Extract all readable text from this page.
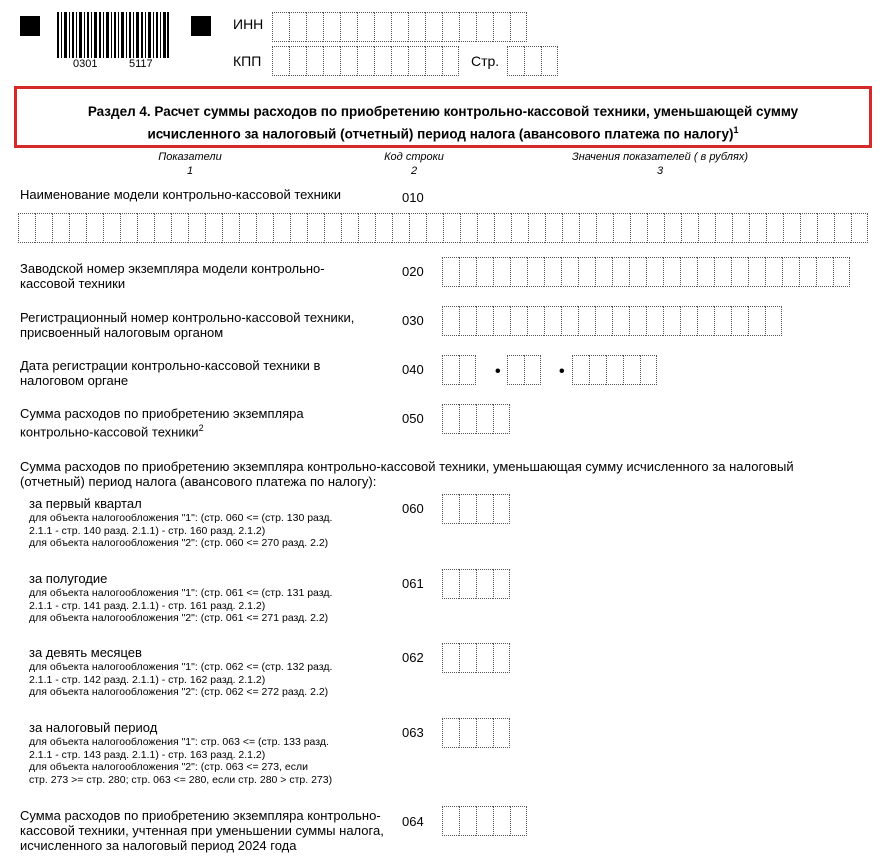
0301	5117
ИНН
КПП	Стр.
Раздел 4. Расчет суммы расходов по приобретению контрольно-кассовой техники, уменьшающей сумму
исчисленного за налоговый (отчетный) период налога (авансового платежа по налогу)$^1$
Показатели
1
Код строки
2
Значения показателей ( в рублях)
3
Наименование модели контрольно-кассовой техники	010
Заводской номер экземпляра модели контрольно-
кассовой техники
020
Регистрационный номер контрольно-кассовой техники,
присвоенный налоговым органом
030
Дата регистрации контрольно-кассовой техники в
налоговом органе
040	•	•
Сумма расходов по приобретению экземпляра
контрольно-кассовой техники$^2$
050
Сумма расходов по приобретению экземпляра контрольно-кассовой техники, уменьшающая сумму исчисленного за налоговый
(отчетный) период налога (авансового платежа по налогу):
за первый квартал
для объекта налогообложения "1": (стр. 060 <= (стр. 130 разд.
2.1.1 - стр. 140 разд. 2.1.1) - стр. 160 разд. 2.1.2)
для объекта налогообложения "2": (стр. 060 <= 270 разд. 2.2)
060
за полугодие
для объекта налогообложения "1": (стр. 061 <= (стр. 131 разд.
2.1.1 - стр. 141 разд. 2.1.1) - стр. 161 разд. 2.1.2)
для объекта налогообложения "2": (стр. 061 <= 271 разд. 2.2)
061
за девять месяцев
для объекта налогообложения "1": (стр. 062 <= (стр. 132 разд.
2.1.1 - стр. 142 разд. 2.1.1) - стр. 162 разд. 2.1.2)
для объекта налогообложения "2": (стр. 062 <= 272 разд. 2.2)
062
за налоговый период
для объекта налогообложения "1": стр. 063 <= (стр. 133 разд.
2.1.1 - стр. 143 разд. 2.1.1) - стр. 163 разд. 2.1.2)
для объекта налогообложения "2": (стр. 063 <= 273, если
стр. 273 >= стр. 280; стр. 063 <= 280, если стр. 280 > стр. 273)
063
Сумма расходов по приобретению экземпляра контрольно-
кассовой техники, учтенная при уменьшении суммы налога,
исчисленного за налоговый период 2024 года
064
